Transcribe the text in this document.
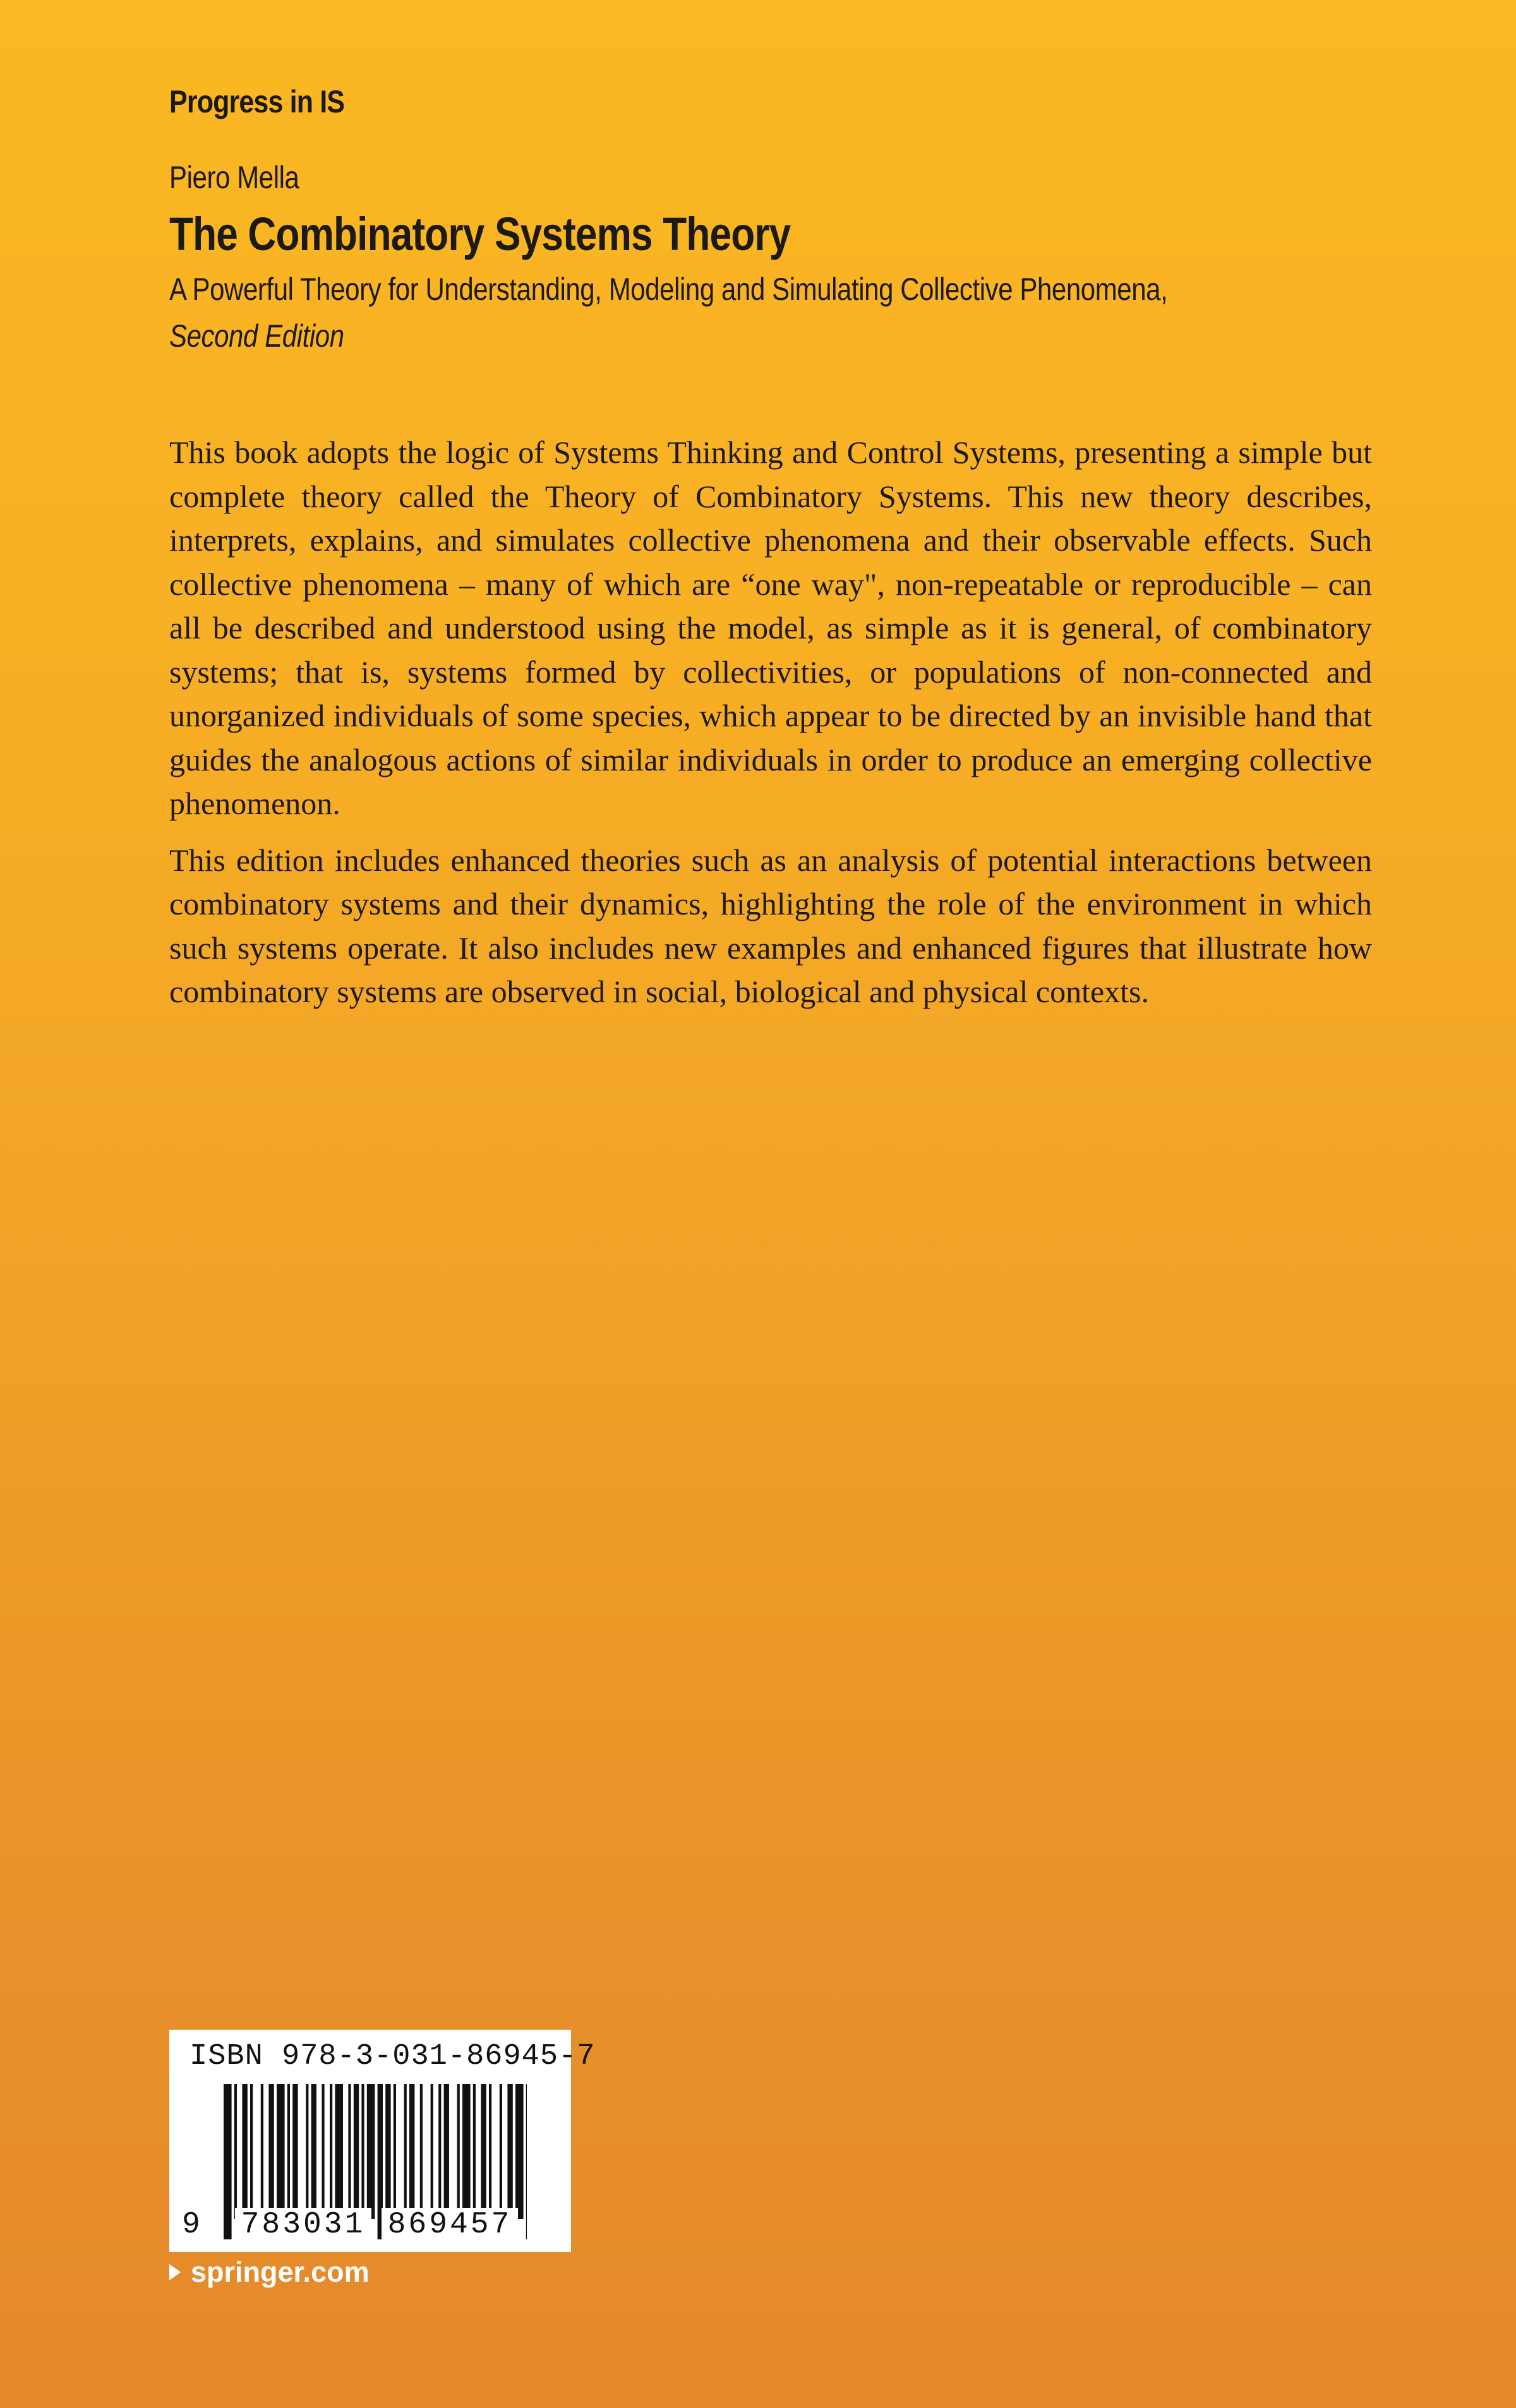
Progress in IS
Piero Mella
The Combinatory Systems Theory
A Powerful Theory for Understanding, Modeling and Simulating Collective Phenomena,
Second Edition

This book adopts the logic of Systems Thinking and Control Systems, presenting a simple but complete theory called the Theory of Combinatory Systems. This new theory describes, interprets, explains, and simulates collective phenomena and their observable effects. Such collective phenomena – many of which are “one way", non-repeatable or reproducible – can all be described and understood using the model, as simple as it is general, of combinatory systems; that is, systems formed by collectivities, or populations of non-connected and unorganized individuals of some species, which appear to be directed by an invisible hand that guides the analogous actions of similar individuals in order to produce an emerging collective phenomenon.

This edition includes enhanced theories such as an analysis of potential interactions between combinatory systems and their dynamics, highlighting the role of the environment in which such systems operate. It also includes new examples and enhanced figures that illustrate how combinatory systems are observed in social, biological and physical contexts.

ISBN 978-3-031-86945-7
9 783031 869457
springer.com
